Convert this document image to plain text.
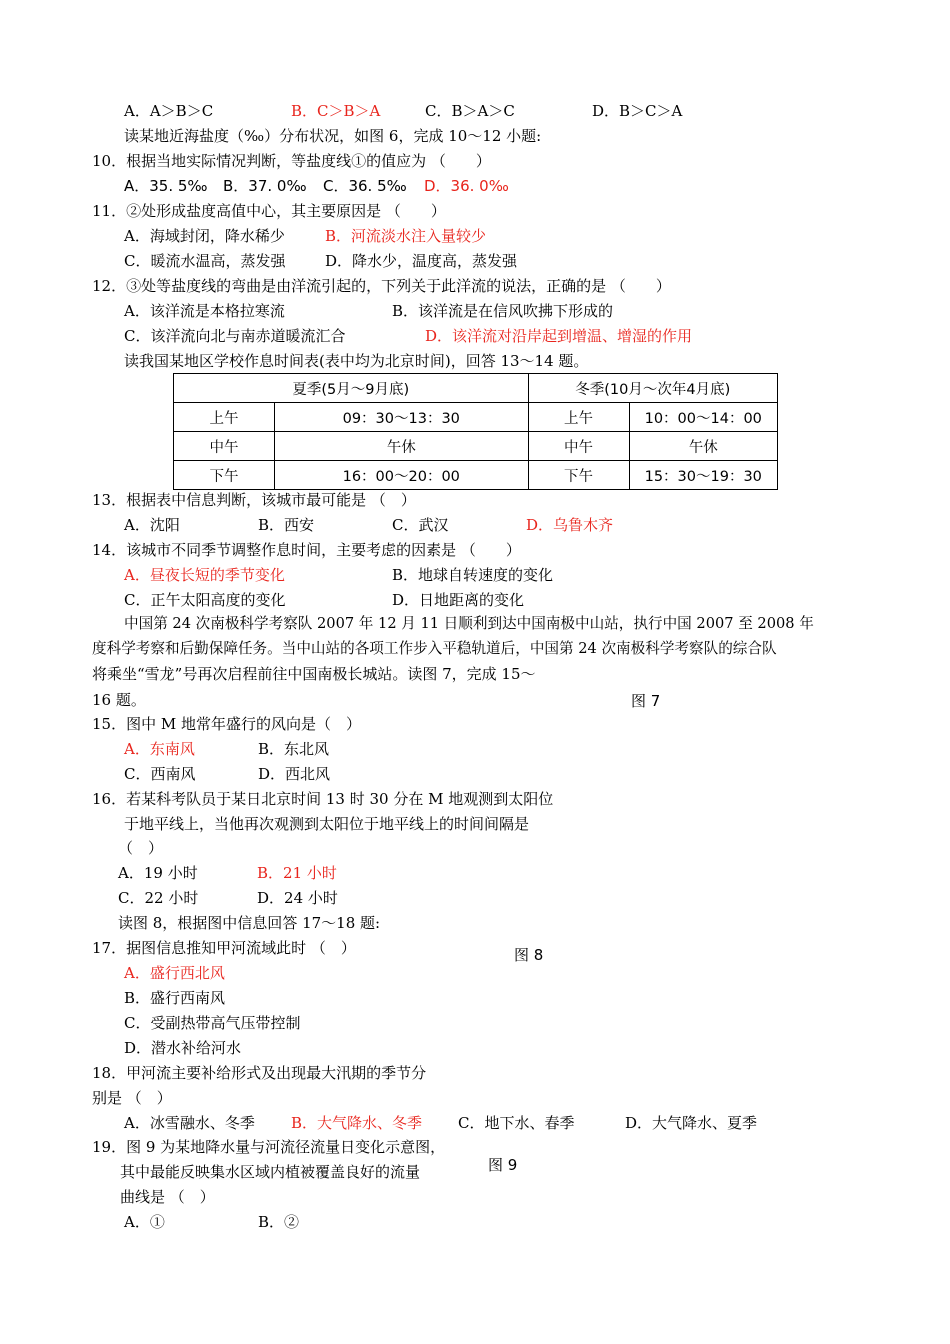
A．A＞B＞C	B．C＞B＞A	C．B＞A＞C	D．B＞C＞A
读某地近海盐度（‰）分布状况，如图 6，完成 10～12 小题:
10．根据当地实际情况判断，等盐度线①的值应为 （　　）
A．35. 5‰ B．37. 0‰ C．36. 5‰ D．36. 0‰
11．②处形成盐度高值中心，其主要原因是 （　　）
A．海域封闭，降水稀少	B．河流淡水注入量较少
C．暖流水温高，蒸发强	D．降水少，温度高，蒸发强
12．③处等盐度线的弯曲是由洋流引起的，下列关于此洋流的说法，正确的是 （　　）
A．该洋流是本格拉寒流	B．该洋流是在信风吹拂下形成的
C．该洋流向北与南赤道暖流汇合	D．该洋流对沿岸起到增温、增湿的作用
读我国某地区学校作息时间表(表中均为北京时间)，回答 13～14 题。
夏季(5月～9月底)		冬季(10月～次年4月底)	
上午	09：30～13：30	上午	10：00～14：00
中午	午休	中午	午休
下午	16：00～20：00	下午	15：30～19：30
13．根据表中信息判断，该城市最可能是 （　）
A．沈阳	B．西安	C．武汉	D．乌鲁木齐
14．该城市不同季节调整作息时间，主要考虑的因素是 （　　）
A．昼夜长短的季节变化	B．地球自转速度的变化
C．正午太阳高度的变化	D．日地距离的变化
中国第 24 次南极科学考察队 2007 年 12 月 11 日顺利到达中国南极中山站，执行中国 2007 至 2008 年
度科学考察和后勤保障任务。当中山站的各项工作步入平稳轨道后，中国第 24 次南极科学考察队的综合队
将乘坐“雪龙”号再次启程前往中国南极长城站。读图 7，完成 15～
16 题。	图 7
15．图中 M 地常年盛行的风向是（　）
A．东南风	B．东北风
C．西南风	D．西北风
16．若某科考队员于某日北京时间 13 时 30 分在 M 地观测到太阳位
于地平线上，当他再次观测到太阳位于地平线上的时间间隔是
（　）
A．19 小时	B．21 小时
C．22 小时	D．24 小时
读图 8，根据图中信息回答 17～18 题:
17．据图信息推知甲河流域此时 （　）	图 8
A．盛行西北风
B．盛行西南风
C．受副热带高气压带控制
D．潜水补给河水
18．甲河流主要补给形式及出现最大汛期的季节分
别是 （　）
A．冰雪融水、冬季 B．大气降水、冬季 C．地下水、春季	D．大气降水、夏季
19．图 9 为某地降水量与河流径流量日变化示意图，
图 9
其中最能反映集水区域内植被覆盖良好的流量
曲线是 （　）
A．①	B．②
